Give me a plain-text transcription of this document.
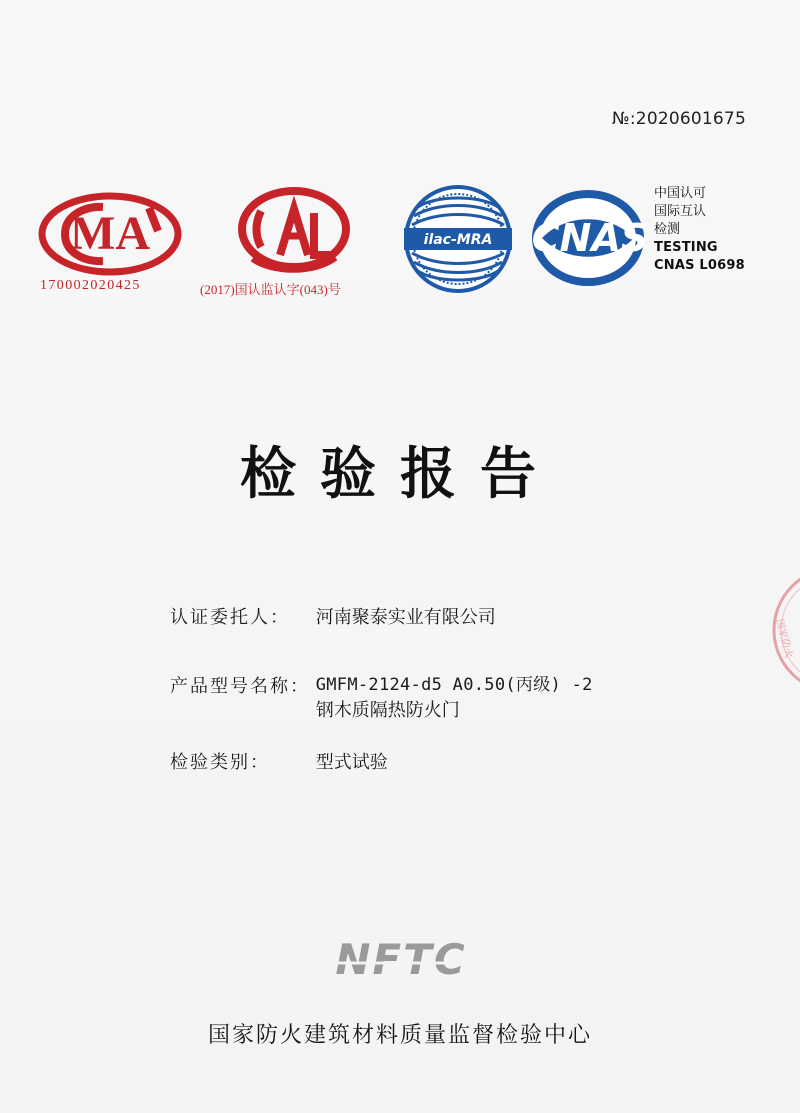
№:2020601675
MA
170002020425	(2017)国认监认字(043)号
ilac-MRA CNAS
中国认可
国际互认
检测
TESTING
CNAS L0698
检验报告
认证委托人： 河南聚泰实业有限公司
产品型号名称： GMFM-2124-d5 A0.50(丙级) -2
钢木质隔热防火门
检验类别：	型式试验
NFTC
国家防火建筑材料质量监督检验中心
国家防火
